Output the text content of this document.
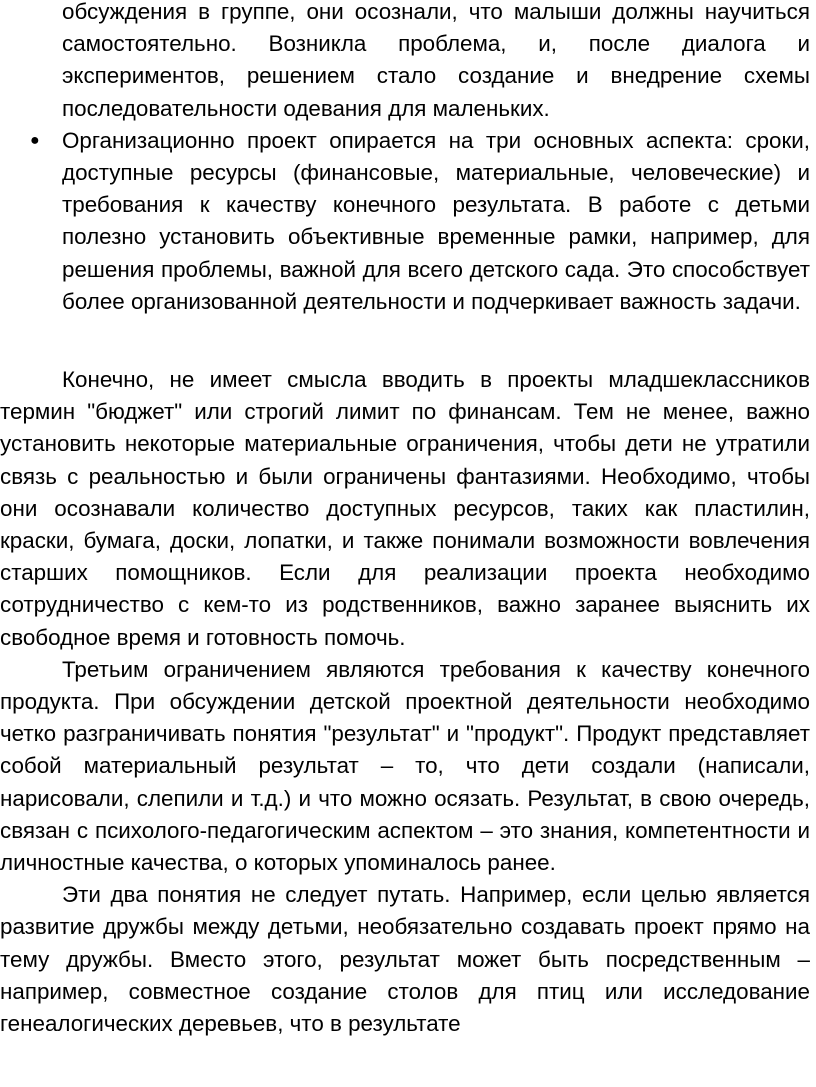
обсуждения в группе, они осознали, что малыши должны научиться самостоятельно. Возникла проблема, и, после диалога и экспериментов, решением стало создание и внедрение схемы последовательности одевания для маленьких.

● Организационно проект опирается на три основных аспекта: сроки, доступные ресурсы (финансовые, материальные, человеческие) и требования к качеству конечного результата. В работе с детьми полезно установить объективные временные рамки, например, для решения проблемы, важной для всего детского сада. Это способствует более организованной деятельности и подчеркивает важность задачи.

Конечно, не имеет смысла вводить в проекты младшеклассников термин "бюджет" или строгий лимит по финансам. Тем не менее, важно установить некоторые материальные ограничения, чтобы дети не утратили связь с реальностью и были ограничены фантазиями. Необходимо, чтобы они осознавали количество доступных ресурсов, таких как пластилин, краски, бумага, доски, лопатки, и также понимали возможности вовлечения старших помощников. Если для реализации проекта необходимо сотрудничество с кем-то из родственников, важно заранее выяснить их свободное время и готовность помочь.

Третьим ограничением являются требования к качеству конечного продукта. При обсуждении детской проектной деятельности необходимо четко разграничивать понятия "результат" и "продукт". Продукт представляет собой материальный результат – то, что дети создали (написали, нарисовали, слепили и т.д.) и что можно осязать. Результат, в свою очередь, связан с психолого-педагогическим аспектом – это знания, компетентности и личностные качества, о которых упоминалось ранее.

Эти два понятия не следует путать. Например, если целью является развитие дружбы между детьми, необязательно создавать проект прямо на тему дружбы. Вместо этого, результат может быть посредственным – например, совместное создание столов для птиц или исследование генеалогических деревьев, что в результате
